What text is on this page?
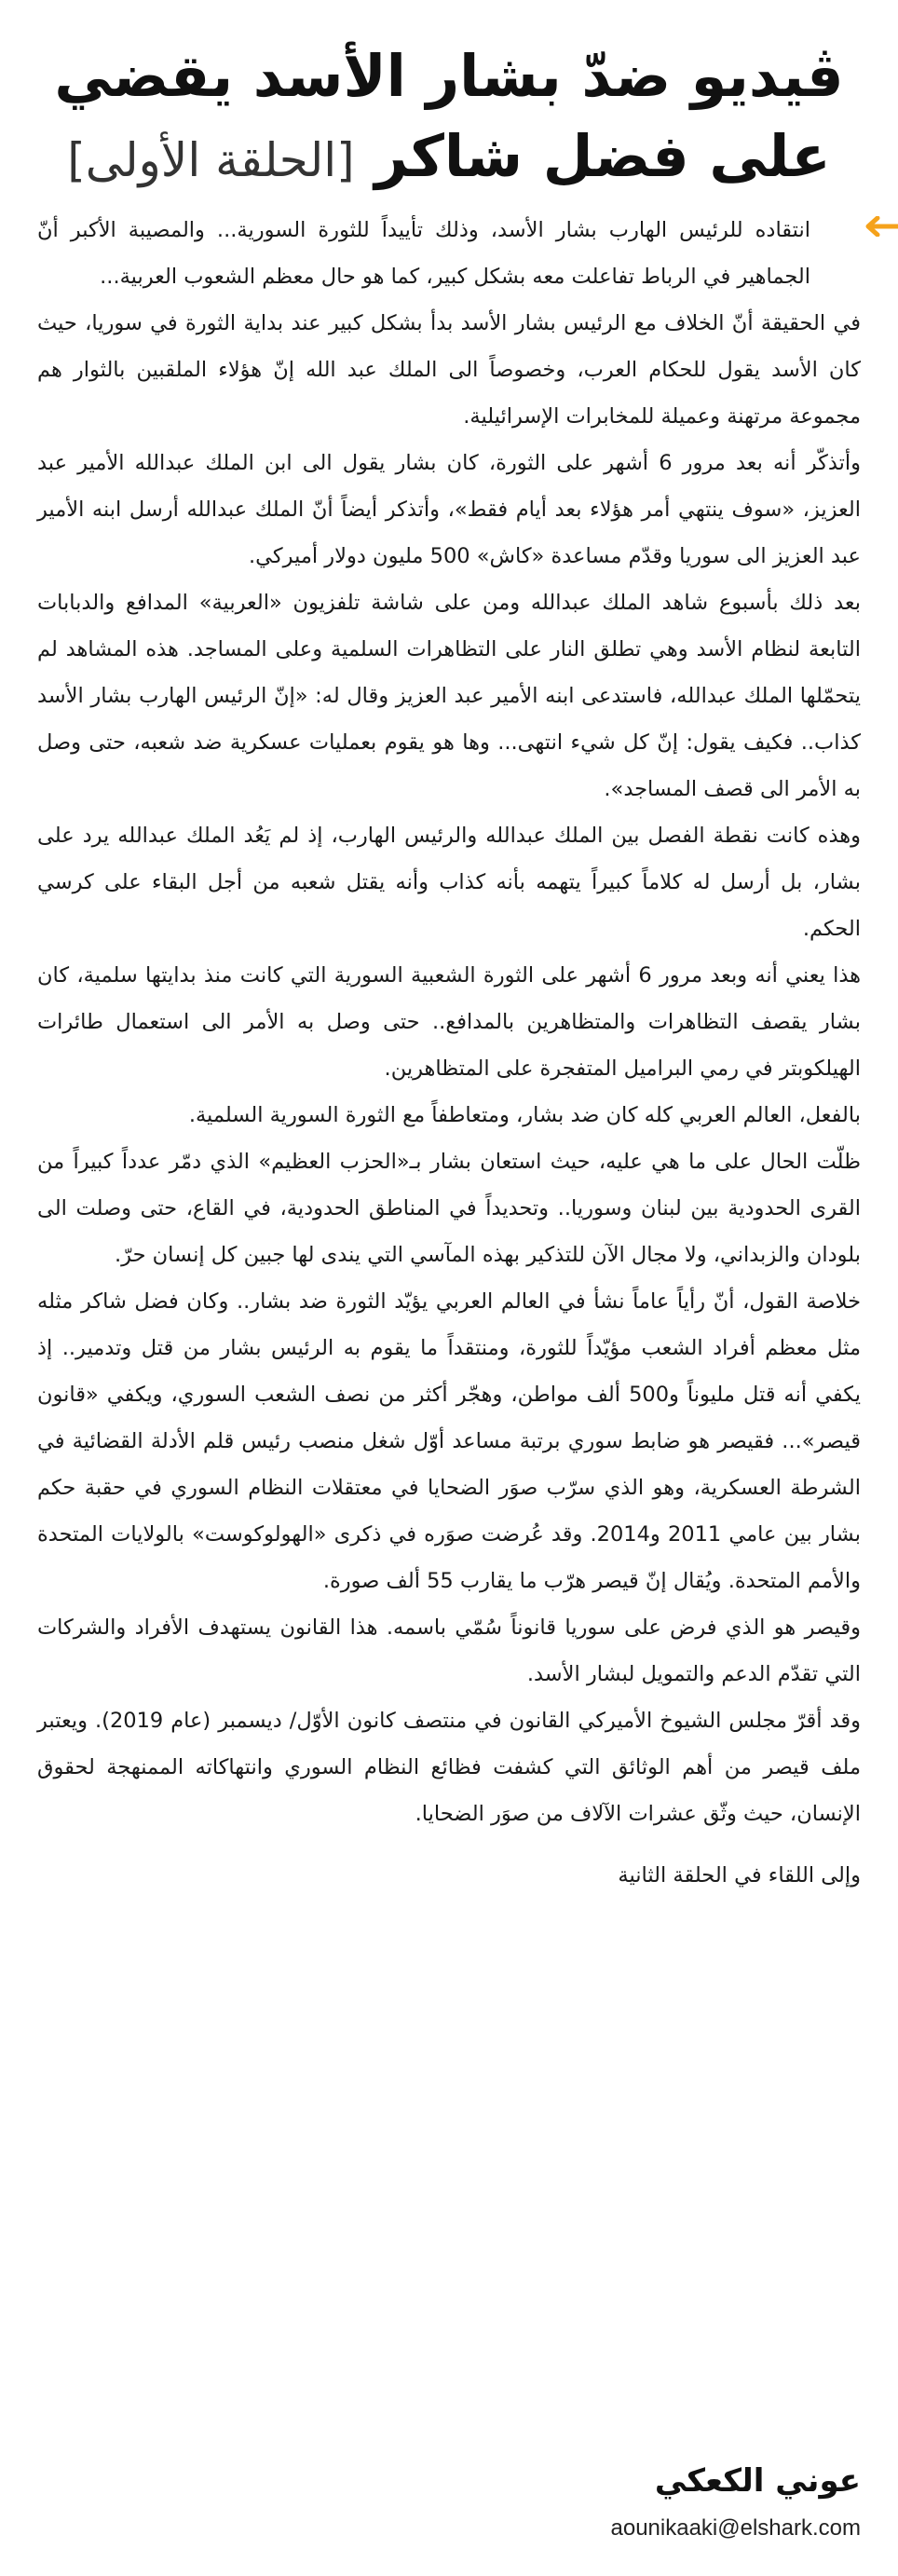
ڤيديو ضدّ بشار الأسد يقضي
على فضل شاكر [الحلقة الأولى]

انتقاده للرئيس الهارب بشار الأسد، وذلك تأييداً للثورة السورية... والمصيبة الأكبر أنّ الجماهير في الرباط تفاعلت معه بشكل كبير، كما هو حال معظم الشعوب العربية...

في الحقيقة أنّ الخلاف مع الرئيس بشار الأسد بدأ بشكل كبير عند بداية الثورة في سوريا، حيث كان الأسد يقول للحكام العرب، وخصوصاً الى الملك عبد الله إنّ هؤلاء الملقبين بالثوار هم مجموعة مرتهنة وعميلة للمخابرات الإسرائيلية.

وأتذكّر أنه بعد مرور 6 أشهر على الثورة، كان بشار يقول الى ابن الملك عبدالله الأمير عبد العزيز، «سوف ينتهي أمر هؤلاء بعد أيام فقط»، وأتذكر أيضاً أنّ الملك عبدالله أرسل ابنه الأمير عبد العزيز الى سوريا وقدّم مساعدة «كاش» 500 مليون دولار أميركي.

بعد ذلك بأسبوع شاهد الملك عبدالله ومن على شاشة تلفزيون «العربية» المدافع والدبابات التابعة لنظام الأسد وهي تطلق النار على التظاهرات السلمية وعلى المساجد. هذه المشاهد لم يتحمّلها الملك عبدالله، فاستدعى ابنه الأمير عبد العزيز وقال له: «إنّ الرئيس الهارب بشار الأسد كذاب.. فكيف يقول: إنّ كل شيء انتهى... وها هو يقوم بعمليات عسكرية ضد شعبه، حتى وصل به الأمر الى قصف المساجد».

وهذه كانت نقطة الفصل بين الملك عبدالله والرئيس الهارب، إذ لم يَعُد الملك عبدالله يرد على بشار، بل أرسل له كلاماً كبيراً يتهمه بأنه كذاب وأنه يقتل شعبه من أجل البقاء على كرسي الحكم.

هذا يعني أنه وبعد مرور 6 أشهر على الثورة الشعبية السورية التي كانت منذ بدايتها سلمية، كان بشار يقصف التظاهرات والمتظاهرين بالمدافع.. حتى وصل به الأمر الى استعمال طائرات الهيلكوبتر في رمي البراميل المتفجرة على المتظاهرين.

بالفعل، العالم العربي كله كان ضد بشار، ومتعاطفاً مع الثورة السورية السلمية.

ظلّت الحال على ما هي عليه، حيث استعان بشار بـ«الحزب العظيم» الذي دمّر عدداً كبيراً من القرى الحدودية بين لبنان وسوريا.. وتحديداً في المناطق الحدودية، في القاع، حتى وصلت الى بلودان والزبداني، ولا مجال الآن للتذكير بهذه المآسي التي يندى لها جبين كل إنسان حرّ.

خلاصة القول، أنّ رأياً عاماً نشأ في العالم العربي يؤيّد الثورة ضد بشار.. وكان فضل شاكر مثله مثل معظم أفراد الشعب مؤيّداً للثورة، ومنتقداً ما يقوم به الرئيس بشار من قتل وتدمير.. إذ يكفي أنه قتل مليوناً و500 ألف مواطن، وهجّر أكثر من نصف الشعب السوري، ويكفي «قانون قيصر»... فقيصر هو ضابط سوري برتبة مساعد أوّل شغل منصب رئيس قلم الأدلة القضائية في الشرطة العسكرية، وهو الذي سرّب صوَر الضحايا في معتقلات النظام السوري في حقبة حكم بشار بين عامي 2011 و2014. وقد عُرضت صوَره في ذكرى «الهولوكوست» بالولايات المتحدة والأمم المتحدة. ويُقال إنّ قيصر هرّب ما يقارب 55 ألف صورة.

وقيصر هو الذي فرض على سوريا قانوناً سُمّي باسمه. هذا القانون يستهدف الأفراد والشركات التي تقدّم الدعم والتمويل لبشار الأسد.

وقد أقرّ مجلس الشيوخ الأميركي القانون في منتصف كانون الأوّل/ ديسمبر (عام 2019). ويعتبر ملف قيصر من أهم الوثائق التي كشفت فظائع النظام السوري وانتهاكاته الممنهجة لحقوق الإنسان، حيث وثّق عشرات الآلاف من صوَر الضحايا.

وإلى اللقاء في الحلقة الثانية

عوني الكعكي
aounikaaki@elshark.com
